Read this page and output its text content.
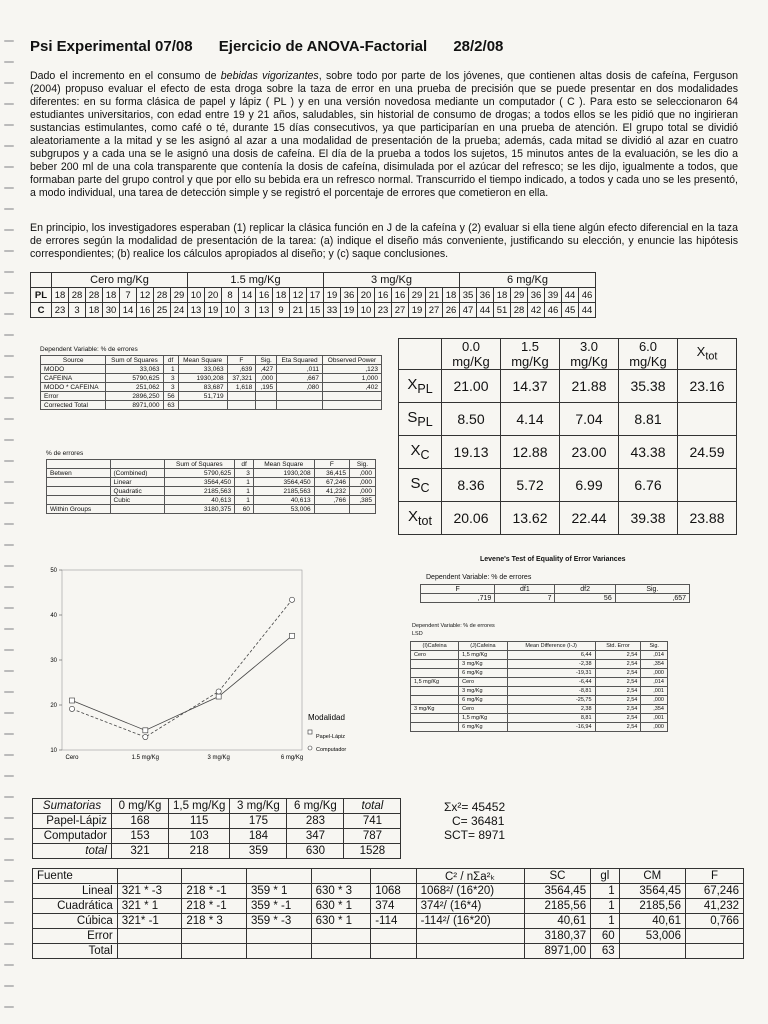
Psi Experimental 07/08 Ejercicio de ANOVA-Factorial 28/2/08

Dado el incremento en el consumo de bebidas vigorizantes, sobre todo por parte de los jóvenes, que contienen altas dosis de cafeína, Ferguson (2004) propuso evaluar el efecto de esta droga sobre la taza de error en una prueba de precisión que se puede presentar en dos modalidades diferentes: en su forma clásica de papel y lápiz ( PL ) y en una versión novedosa mediante un computador ( C ). Para esto se seleccionaron 64 estudiantes universitarios, con edad entre 19 y 21 años, saludables, sin historial de consumo de drogas; a todos ellos se les pidió que no ingirieran sustancias estimulantes, como café o té, durante 15 días consecutivos, ya que participarían en una prueba de atención. El grupo total se dividió aleatoriamente a la mitad y se les asignó al azar a una modalidad de presentación de la prueba; además, cada mitad se dividió al azar en cuatro subgrupos y a cada una se le asignó una dosis de cafeína. El día de la prueba a todos los sujetos, 15 minutos antes de la evaluación, se les dio a beber 200 ml de una cola transparente que contenía la dosis de cafeína, disimulada por el azúcar del refresco; se les dijo, igualmente a todos, que formaban parte del grupo control y que por ello su bebida era un refresco normal. Transcurrido el tiempo indicado, a todos y cada uno se les presentó, a modo individual, una tarea de detección simple y se registró el porcentaje de errores que cometieron en ella.

En principio, los investigadores esperaban (1) replicar la clásica función en J de la cafeína y (2) evaluar si ella tiene algún efecto diferencial en la taza de errores según la modalidad de presentación de la tarea: (a) indique el diseño más conveniente, justificando su elección, y enuncie las hipótesis correspondientes; (b) realice los cálculos apropiados al diseño; y (c) saque conclusiones.

	Cero mg/Kg								1.5 mg/Kg								3 mg/Kg								6 mg/Kg							
PL	18	28	28	18	7	12	28	29	10	20	8	14	16	18	12	17	19	36	20	16	16	29	21	18	35	36	18	29	36	39	44	46
C	23	3	18	30	14	16	25	24	13	19	10	3	13	9	21	15	33	19	10	23	27	19	27	26	47	44	51	28	42	46	45	44
Dependent Variable: % de errores
Source	Sum of Squares	df	Mean Square	F	Sig.	Eta Squared	Observed Power
MODO	33,063	1	33,063	,639	,427	,011	,123
CAFEINA	5790,625	3	1930,208	37,321	,000	,667	1,000
MODO * CAFEINA	251,062	3	83,687	1,618	,195	,080	,402
Error	2896,250	56	51,719				
Corrected Total	8971,000	63					
% de errores
		Sum of Squares	df	Mean Square	F	Sig.
Betwen	(Combined)	5790,625	3	1930,208	36,415	,000
	Linear	3564,450	1	3564,450	67,246	,000
	Quadratic	2185,563	1	2185,563	41,232	,000
	Cubic	40,613	1	40,613	,766	,385
Within Groups		3180,375	60	53,006		
	0.0 mg/Kg	1.5 mg/Kg	3.0 mg/Kg	6.0 mg/Kg	$X_{tot}$
$X_{PL}$	21.00	14.37	21.88	35.38	23.16
$S_{PL}$	8.50	4.14	7.04	8.81	
$X_C$	19.13	12.88	23.00	43.38	24.59
$S_C$	8.36	5.72	6.99	6.76	
$X_{tot}$	20.06	13.62	22.44	39.38	23.88
Levene's Test of Equality of Error Variances
Dependent Variable: % de errores
F	df1	df2	Sig.
,719	7	56	,657
Dependent Variable: % de errores
LSD
(I)Cafeina	(J)Cafeina	Mean Difference (I-J)	Std. Error	Sig.
Cero	1,5 mg/Kg	6,44	2,54	,014
	3 mg/Kg	-2,38	2,54	,354
	6 mg/Kg	-19,31	2,54	,000
1,5 mg/Kg	Cero	-6,44	2,54	,014
	3 mg/Kg	-8,81	2,54	,001
	6 mg/Kg	-25,75	2,54	,000
3 mg/Kg	Cero	2,38	2,54	,354
	1,5 mg/Kg	8,81	2,54	,001
	6 mg/Kg	-16,94	2,54	,000
10
20
30
40
50
Cero	1.5 mg/Kg	3 mg/Kg	6 mg/Kg
Modalidad
Papel-Lápiz
Computador
Sumatorias	0 mg/Kg	1,5 mg/Kg	3 mg/Kg	6 mg/Kg	total
Papel-Lápiz	168	115	175	283	741
Computador	153	103	184	347	787
total	321	218	359	630	1528
Σx²= 45452
C= 36481
SCT= 8971
Fuente						C² / nΣa²ₖ	SC	gl	CM	F
Lineal	321 * -3	218 * -1	359 * 1	630 * 3	1068	1068²/ (16*20)	3564,45	1	3564,45	67,246
Cuadrática	321 * 1	218 * -1	359 * -1	630 * 1	374	374²/ (16*4)	2185,56	1	2185,56	41,232
Cúbica	321* -1	218 * 3	359 * -3	630 * 1	-114	-114²/ (16*20)	40,61	1	40,61	0,766
Error							3180,37	60	53,006	
Total							8971,00	63		
